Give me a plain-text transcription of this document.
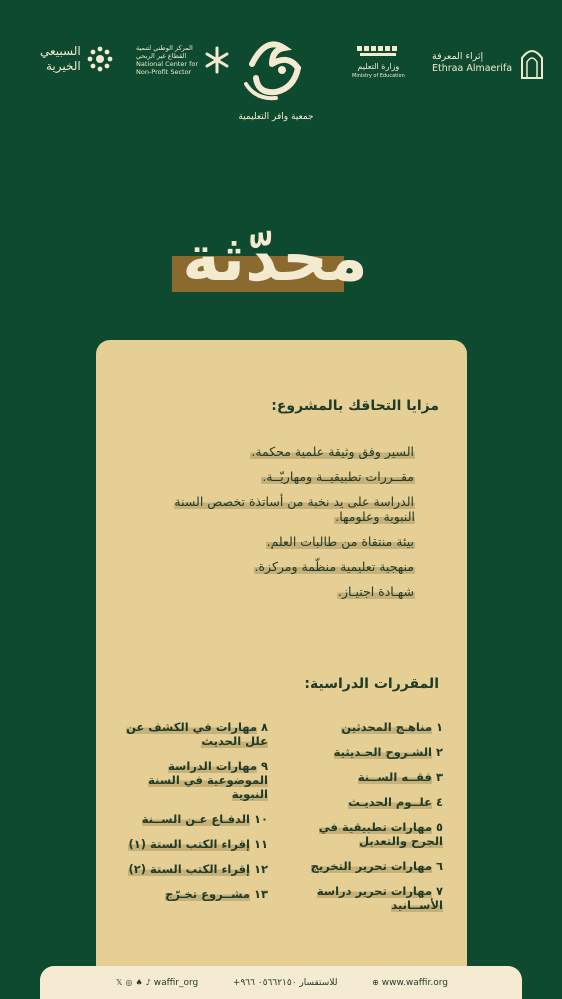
إثراء المعرفة
Ethraa Almaerifa
وزارة التعليم
Ministry of Education
جمعية وافر التعليمية
المركز الوطني لتنمية
القطاع غير الربحي
National Center for
Non-Profit Sector
السبيعي
الخيرية
محدّثة
مزايا التحاقك بالمشروع:
السير وفق وثيقة علمية محكمة.
مقــررات تطبيقيــة ومهاريّــة.
الدراسة على يد نخبة من أساتذة تخصص السنة النبوية وعلومها.
بيئة منتقاة من طالبات العلم.
منهجية تعليمية منظّمة ومركزة.
شهـادة اجتيـاز.
المقررات الدراسية:
١مناهـج المحدثين
٢الشـروح الحـديثية
٣فقــه الســنة
٤علــوم الحديـث
٥مهارات تطبيقية في الجرح والتعديل
٦مهارات تحرير التخريج
٧مهارات تحرير دراسة الأســانيد
٨مهارات في الكشف عن علل الحديث
٩مهارات الدراسة الموضوعية في السنة النبوية
١٠الدفـاع عـن الســنة
١١إقراء الكتب الستة (١)
١٢إقراء الكتب الستة (٢)
١٣مشــروع تخـرّج
𝕏 ◎ ♠ ♪ waffir_org	للاستفسار ٠٥٦٦٢١٥٠ ٩٦٦+	⊕ www.waffir.org
